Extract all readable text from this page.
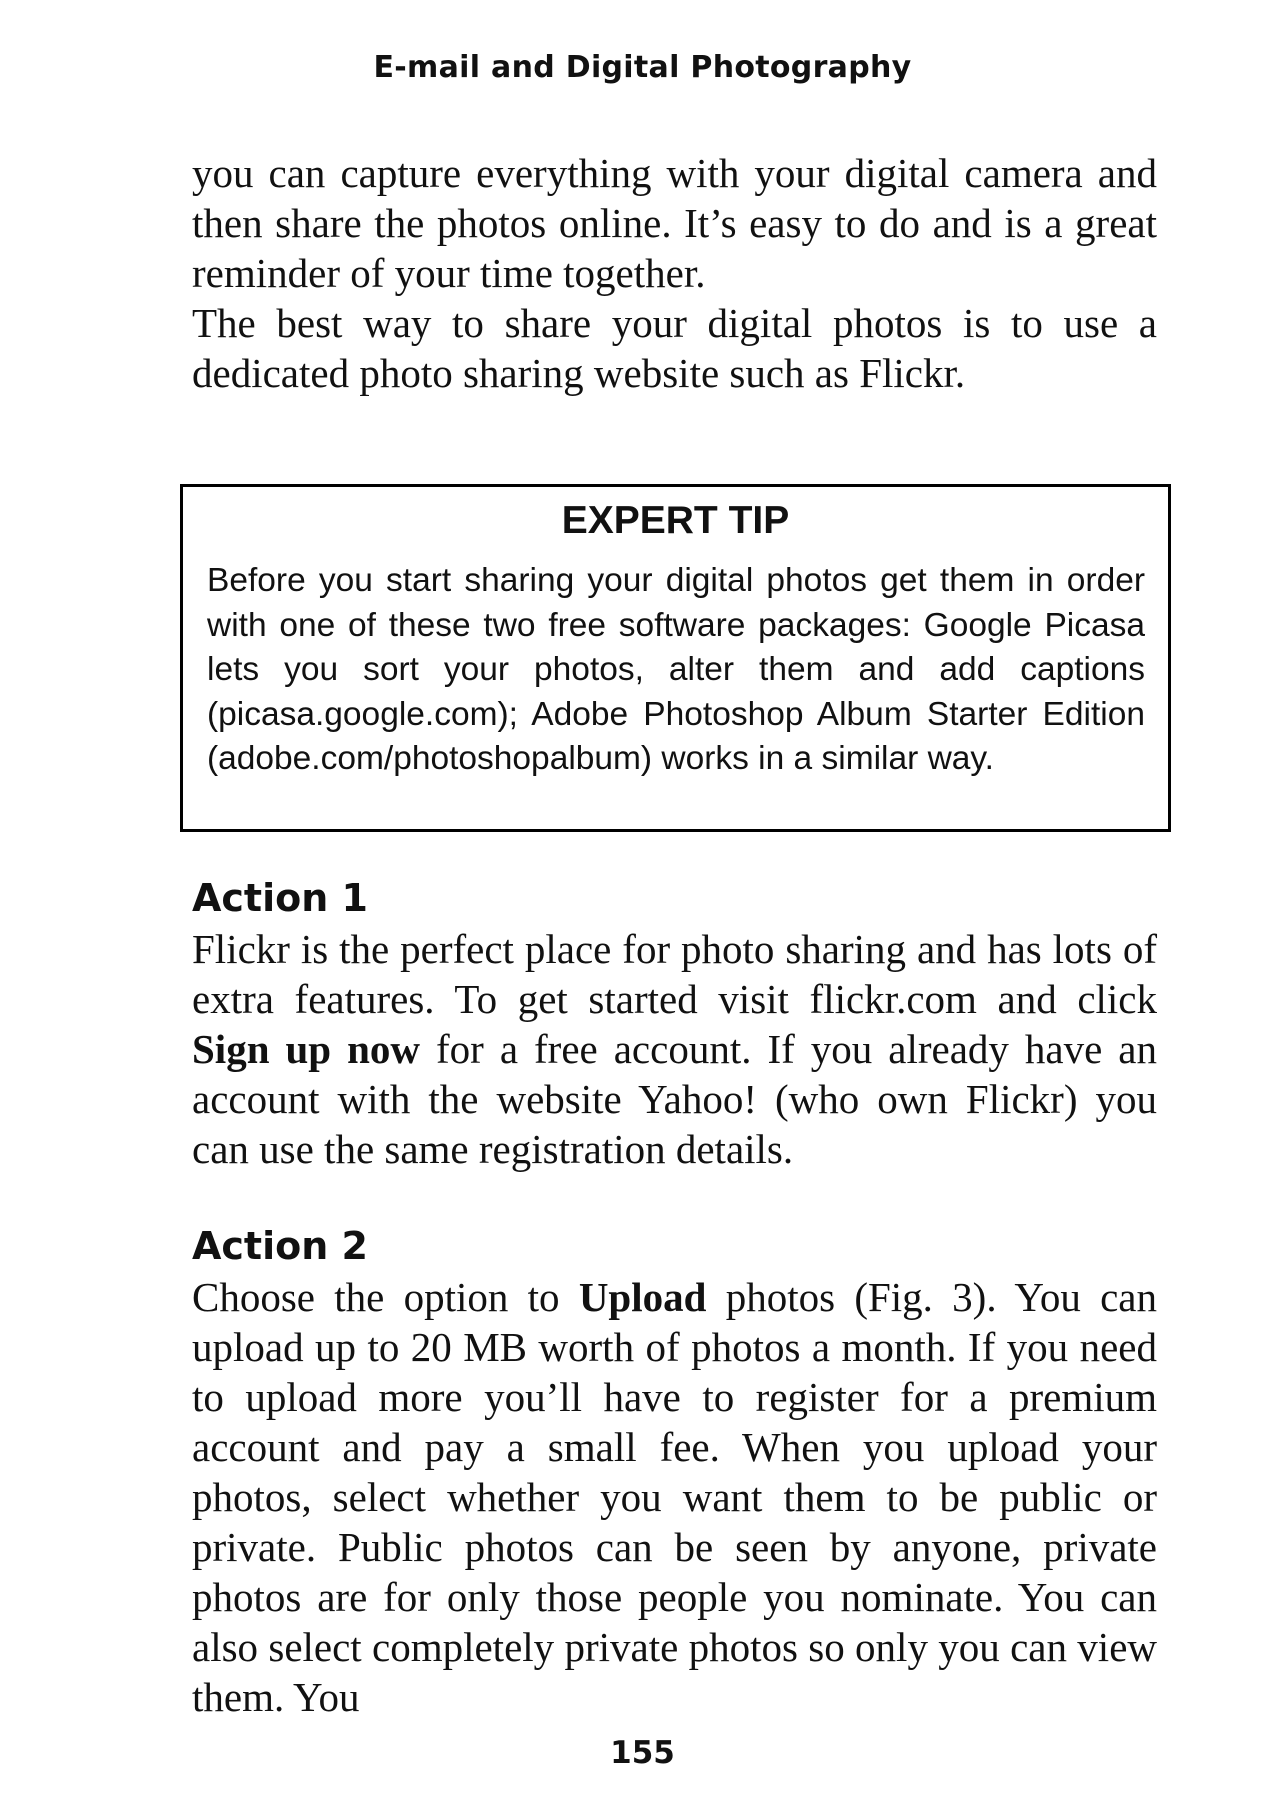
E-mail and Digital Photography

you can capture everything with your digital camera and then share the photos online. It’s easy to do and is a great reminder of your time together.

The best way to share your digital photos is to use a dedicated photo sharing website such as Flickr.

EXPERT TIP

Before you start sharing your digital photos get them in order with one of these two free software packages: Google Picasa lets you sort your photos, alter them and add captions (picasa.google.com); Adobe Photoshop Album Starter Edition (adobe.com/photoshopalbum) works in a similar way.

Action 1

Flickr is the perfect place for photo sharing and has lots of extra features. To get started visit flickr.com and click Sign up now for a free account. If you already have an account with the website Yahoo! (who own Flickr) you can use the same registration details.

Action 2

Choose the option to Upload photos (Fig. 3). You can upload up to 20 MB worth of photos a month. If you need to upload more you’ll have to register for a premium account and pay a small fee. When you upload your photos, select whether you want them to be public or private. Public photos can be seen by anyone, private photos are for only those people you nominate. You can also select completely private photos so only you can view them. You

155
